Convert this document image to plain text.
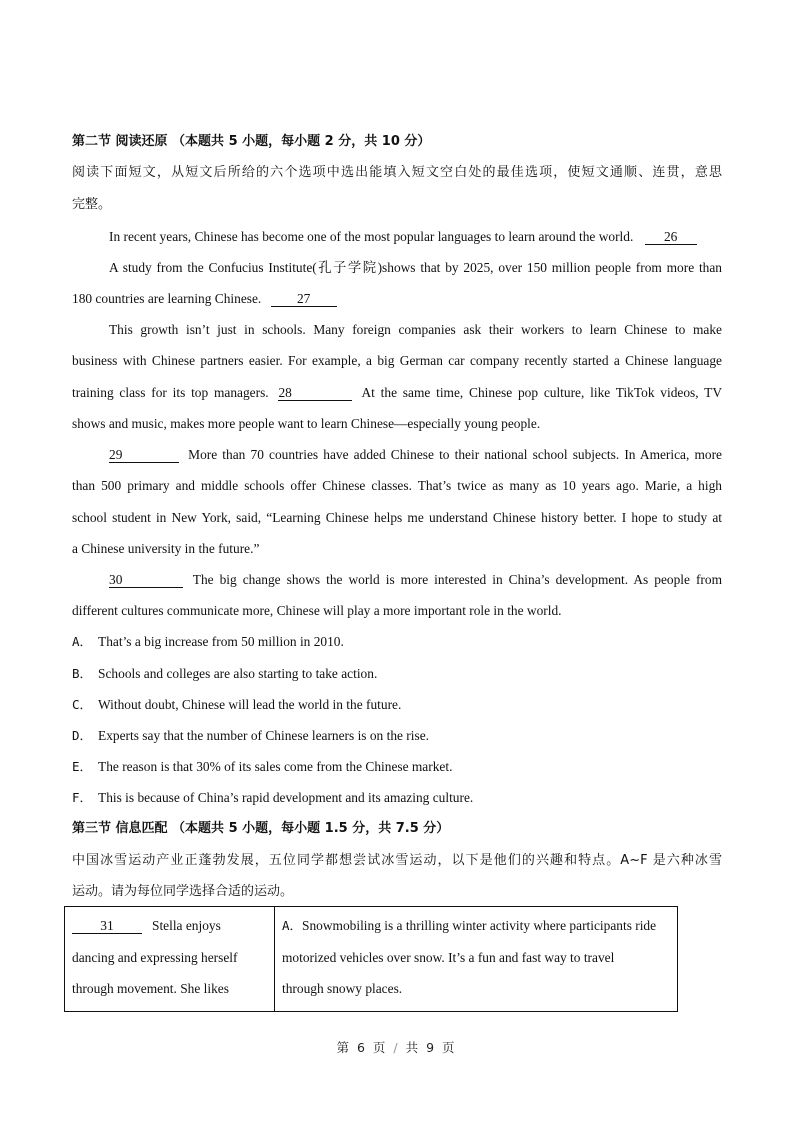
第二节 阅读还原 （本题共 5 小题，每小题 2 分，共 10 分）
阅读下面短文，从短文后所给的六个选项中选出能填入短文空白处的最佳选项，使短文通顺、连贯，意思
完整。
In recent years, Chinese has become one of the most popular languages to learn around the world. 26
A study from the Confucius Institute(孔子学院)shows that by 2025, over 150 million people from more than
180 countries are learning Chinese.	27
This growth isn’t just in schools. Many foreign companies ask their workers to learn Chinese to make
business with Chinese partners easier. For example, a big German car company recently started a Chinese language
training class for its top managers. 28	At the same time, Chinese pop culture, like TikTok videos, TV
shows and music, makes more people want to learn Chinese—especially young people.
29	More than 70 countries have added Chinese to their national school subjects. In America, more
than 500 primary and middle schools offer Chinese classes. That’s twice as many as 10 years ago. Marie, a high
school student in New York, said, “Learning Chinese helps me understand Chinese history better. I hope to study at
a Chinese university in the future.”
30	The big change shows the world is more interested in China’s development. As people from
different cultures communicate more, Chinese will play a more important role in the world.
A． That’s a big increase from 50 million in 2010.
B． Schools and colleges are also starting to take action.
C． Without doubt, Chinese will lead the world in the future.
D． Experts say that the number of Chinese learners is on the rise.
E． The reason is that 30% of its sales come from the Chinese market.
F． This is because of China’s rapid development and its amazing culture.
第三节 信息匹配 （本题共 5 小题，每小题 1.5 分，共 7.5 分）
中国冰雪运动产业正蓬勃发展，五位同学都想尝试冰雪运动，以下是他们的兴趣和特点。A~F 是六种冰雪
运动。请为每位同学选择合适的运动。
31	Stella enjoys
dancing and expressing herself
through movement. She likes

A．Snowmobiling is a thrilling winter activity where participants ride
motorized vehicles over snow. It’s a fun and fast way to travel
through snowy places.
第 6 页 / 共 9 页
